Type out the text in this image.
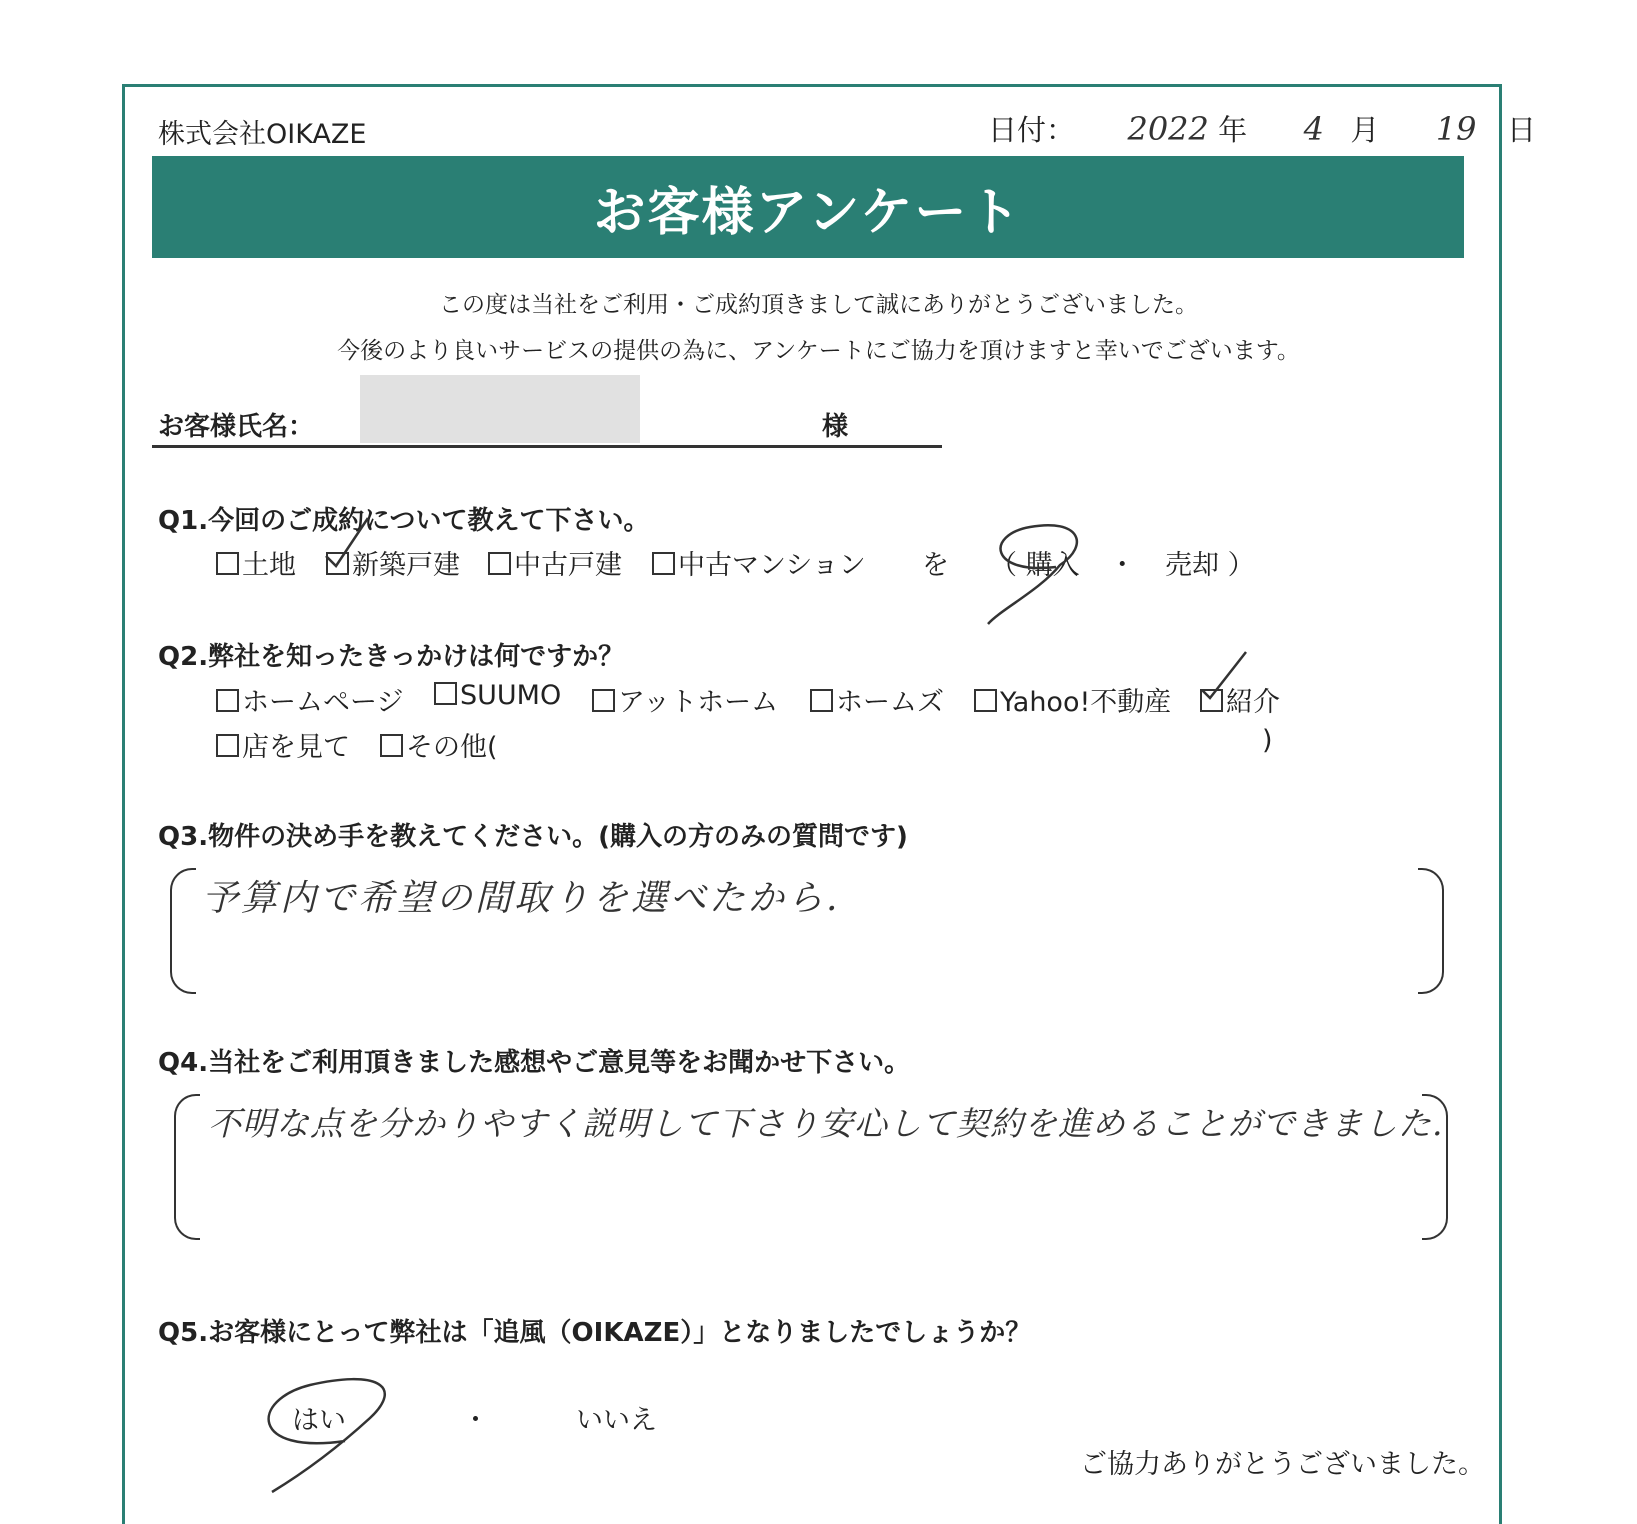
株式会社OIKAZE	日付： 2022 年 4 月 19 日
お客様アンケート
この度は当社をご利用・ご成約頂きまして誠にありがとうございました。
今後のより良いサービスの提供の為に、アンケートにご協力を頂けますと幸いでございます。
お客様氏名：	様
Q1.今回のご成約について教えて下さい。
土地	新築戸建	中古戸建	中古マンション を （ 購入 ・ 売却 ）
Q2.弊社を知ったきっかけは何ですか？
ホームページ	SUUMO	アットホーム	ホームズ	Yahoo!不動産	紹介
店を見て	その他(	)
Q3.物件の決め手を教えてください。(購入の方のみの質問です)
予算内で希望の間取りを選べたから.
Q4.当社をご利用頂きました感想やご意見等をお聞かせ下さい。
不明な点を分かりやすく説明して下さり安心して契約を進めることができました.
Q5.お客様にとって弊社は「追風（OIKAZE）」となりましたでしょうか？
はい	・	いいえ
ご協力ありがとうございました。
